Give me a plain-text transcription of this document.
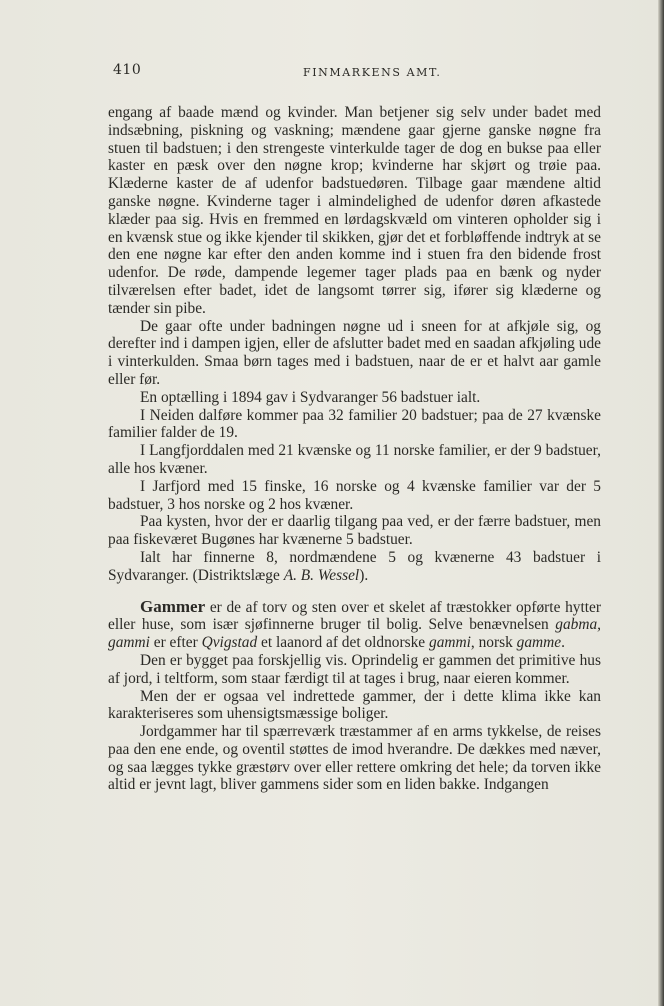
410	FINMARKENS AMT.

engang af baade mænd og kvinder. Man betjener sig selv under badet med indsæbning, piskning og vaskning; mændene gaar gjerne ganske nøgne fra stuen til badstuen; i den strengeste vinterkulde tager de dog en bukse paa eller kaster en pæsk over den nøgne krop; kvinderne har skjørt og trøie paa. Klæderne kaster de af udenfor badstuedøren. Tilbage gaar mændene altid ganske nøgne. Kvinderne tager i almindelighed de udenfor døren afkastede klæder paa sig. Hvis en fremmed en lørdagskvæld om vinteren opholder sig i en kvænsk stue og ikke kjender til skikken, gjør det et forbløffende indtryk at se den ene nøgne kar efter den anden komme ind i stuen fra den bidende frost udenfor. De røde, dampende legemer tager plads paa en bænk og nyder tilværelsen efter badet, idet de langsomt tørrer sig, ifører sig klæderne og tænder sin pibe.

De gaar ofte under badningen nøgne ud i sneen for at afkjøle sig, og derefter ind i dampen igjen, eller de afslutter badet med en saadan afkjøling ude i vinterkulden. Smaa børn tages med i badstuen, naar de er et halvt aar gamle eller før.

En optælling i 1894 gav i Sydvaranger 56 badstuer ialt.

I Neiden dalføre kommer paa 32 familier 20 badstuer; paa de 27 kvænske familier falder de 19.

I Langfjorddalen med 21 kvænske og 11 norske familier, er der 9 badstuer, alle hos kvæner.

I Jarfjord med 15 finske, 16 norske og 4 kvænske familier var der 5 badstuer, 3 hos norske og 2 hos kvæner.

Paa kysten, hvor der er daarlig tilgang paa ved, er der færre badstuer, men paa fiskeværet Bugønes har kvænerne 5 badstuer.

Ialt har finnerne 8, nordmændene 5 og kvænerne 43 badstuer i Sydvaranger. (Distriktslæge A. B. Wessel).

Gammer er de af torv og sten over et skelet af træstokker opførte hytter eller huse, som især sjøfinnerne bruger til bolig. Selve benævnelsen gabma, gammi er efter Qvigstad et laanord af det oldnorske gammi, norsk gamme.

Den er bygget paa forskjellig vis. Oprindelig er gammen det primitive hus af jord, i teltform, som staar færdigt til at tages i brug, naar eieren kommer.

Men der er ogsaa vel indrettede gammer, der i dette klima ikke kan karakteriseres som uhensigtsmæssige boliger.

Jordgammer har til spærreværk træstammer af en arms tykkelse, de reises paa den ene ende, og oventil støttes de imod hverandre. De dækkes med næver, og saa lægges tykke græstørv over eller rettere omkring det hele; da torven ikke altid er jevnt lagt, bliver gammens sider som en liden bakke. Indgangen
